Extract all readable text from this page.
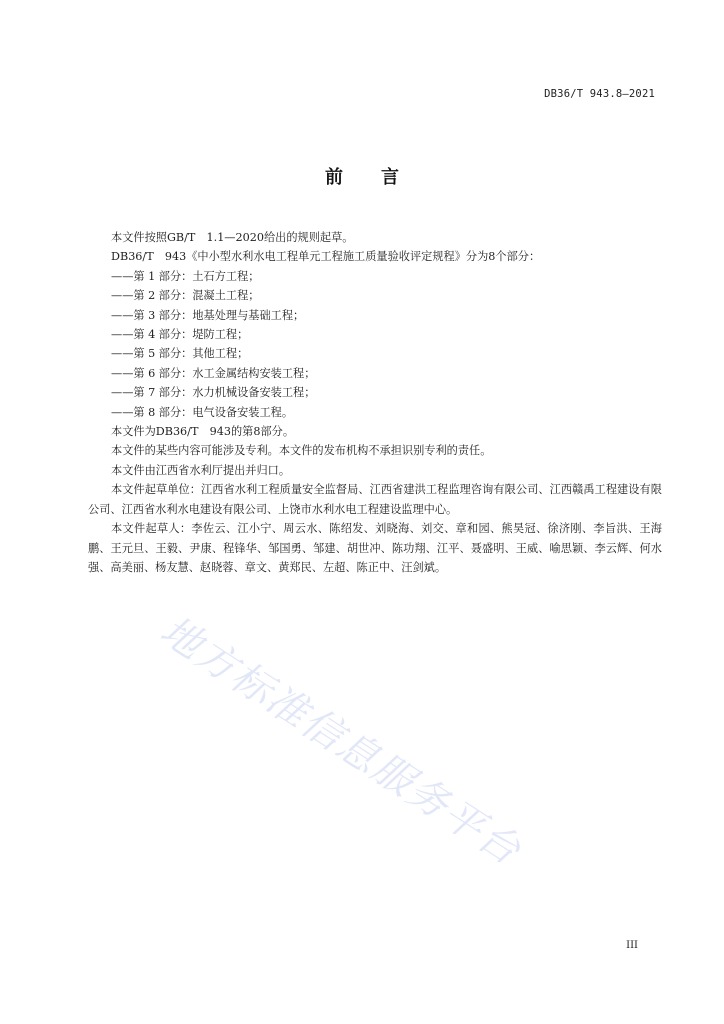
DB36/T 943.8—2021
前言

本文件按照GB/T　1.1—2020给出的规则起草。

DB36/T　943《中小型水利水电工程单元工程施工质量验收评定规程》分为8个部分：

——第 1 部分：土石方工程；

——第 2 部分：混凝土工程；

——第 3 部分：地基处理与基础工程；

——第 4 部分：堤防工程；

——第 5 部分：其他工程；

——第 6 部分：水工金属结构安装工程；

——第 7 部分：水力机械设备安装工程；

——第 8 部分：电气设备安装工程。

本文件为DB36/T　943的第8部分。

本文件的某些内容可能涉及专利。本文件的发布机构不承担识别专利的责任。

本文件由江西省水利厅提出并归口。

本文件起草单位：江西省水利工程质量安全监督局、江西省建洪工程监理咨询有限公司、江西赣禹工程建设有限公司、江西省水利水电建设有限公司、上饶市水利水电工程建设监理中心。

本文件起草人：李佐云、江小宁、周云水、陈绍发、刘晓海、刘交、章和园、熊昊冠、徐济刚、李旨洪、王海鹏、王元旦、王毅、尹康、程锋华、邹国勇、邹建、胡世冲、陈功翔、江平、聂盛明、王威、喻思颖、李云辉、何水强、高美丽、杨友慧、赵晓蓉、章文、黄郑民、左超、陈正中、汪剑斌。

地方标准信息服务平台
III
